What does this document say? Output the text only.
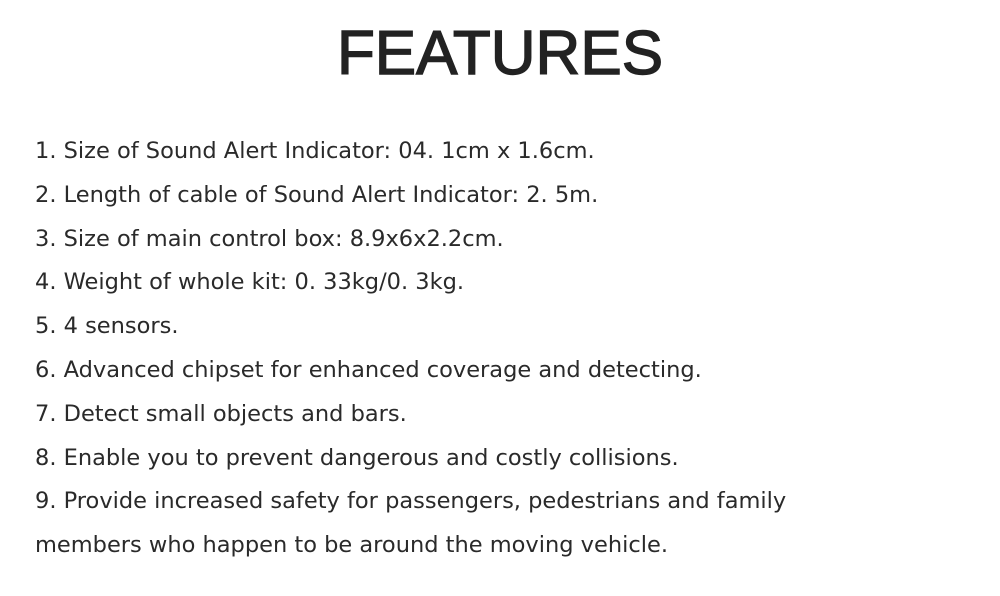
FEATURES
1. Size of Sound Alert Indicator: 04. 1cm x 1.6cm.
2. Length of cable of Sound Alert Indicator: 2. 5m.
3. Size of main control box: 8.9x6x2.2cm.
4. Weight of whole kit: 0. 33kg/0. 3kg.
5. 4 sensors.
6. Advanced chipset for enhanced coverage and detecting.
7. Detect small objects and bars.
8. Enable you to prevent dangerous and costly collisions.
9. Provide increased safety for passengers, pedestrians and family members who happen to be around the moving vehicle.
